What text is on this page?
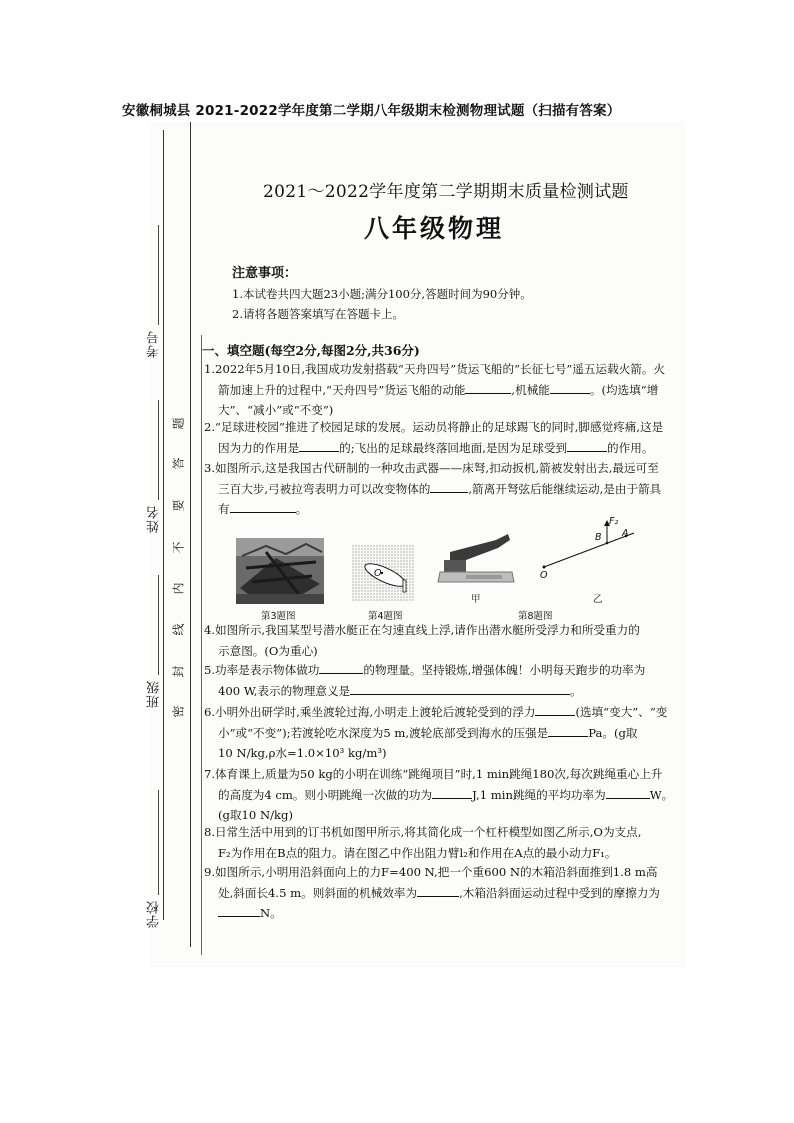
安徽桐城县 2021-2022学年度第二学期八年级期末检测物理试题（扫描有答案）
考号
姓名
班级
学校
题
答
要
不
内
线
封
密
2021～2022学年度第二学期期末质量检测试题
八年级物理
注意事项：
1.本试卷共四大题23小题;满分100分,答题时间为90分钟。
2.请将各题答案填写在答题卡上。
一、填空题(每空2分,每图2分,共36分)

1.2022年5月10日,我国成功发射搭载“天舟四号”货运飞船的“长征七号”遥五运载火箭。火

箭加速上升的过程中,“天舟四号”货运飞船的动能	,机械能	。(均选填“增

大”、“减小”或“不变”)

2.“足球进校园”推进了校园足球的发展。运动员将静止的足球踢飞的同时,脚感觉疼痛,这是

因为力的作用是	的;飞出的足球最终落回地面,是因为足球受到	的作用。

3.如图所示,这是我国古代研制的一种攻击武器——床弩,扣动扳机,箭被发射出去,最远可至

三百大步,弓被拉弯表明力可以改变物体的	,箭离开弩弦后能继续运动,是由于箭具

有	。

第3题图
O
第4题图
甲
O
B A
F₂
乙
第8题图

4.如图所示,我国某型号潜水艇正在匀速直线上浮,请作出潜水艇所受浮力和所受重力的

示意图。(O为重心)

5.功率是表示物体做功	的物理量。坚持锻炼,增强体魄！小明每天跑步的功率为

400 W,表示的物理意义是	。

6.小明外出研学时,乘坐渡轮过海,小明走上渡轮后渡轮受到的浮力	(选填“变大”、“变

小”或“不变”);若渡轮吃水深度为5 m,渡轮底部受到海水的压强是	Pa。(g取

10 N/kg,ρ水=1.0×10³ kg/m³)

7.体育课上,质量为50 kg的小明在训练“跳绳项目”时,1 min跳绳180次,每次跳绳重心上升

的高度为4 cm。则小明跳绳一次做的功为	J,1 min跳绳的平均功率为	W。

(g取10 N/kg)

8.日常生活中用到的订书机如图甲所示,将其简化成一个杠杆模型如图乙所示,O为支点,

F₂为作用在B点的阻力。请在图乙中作出阻力臂l₂和作用在A点的最小动力F₁。

9.如图所示,小明用沿斜面向上的力F=400 N,把一个重600 N的木箱沿斜面推到1.8 m高

处,斜面长4.5 m。则斜面的机械效率为	,木箱沿斜面运动过程中受到的摩擦力为

N。
